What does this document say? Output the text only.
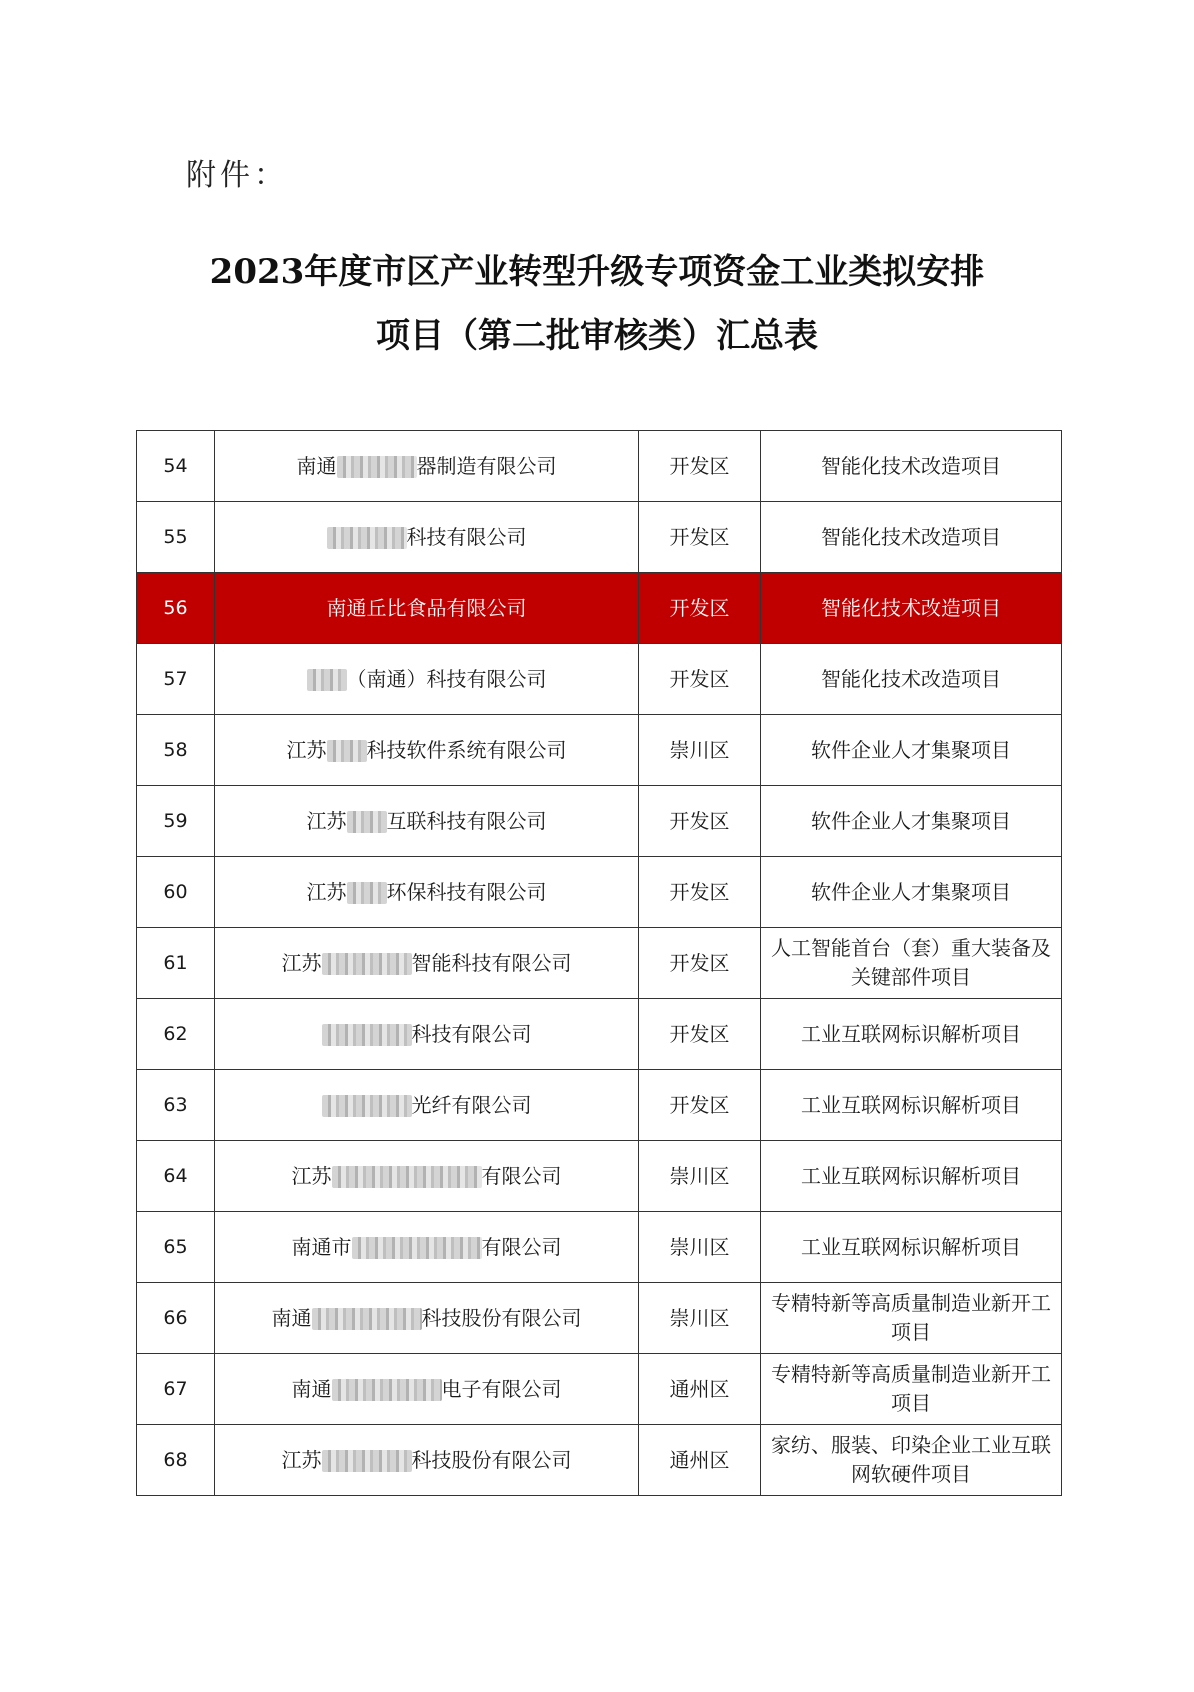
附件：
2023年度市区产业转型升级专项资金工业类拟安排
项目（第二批审核类）汇总表
54	南通 器制造有限公司	开发区	智能化技术改造项目
55	科技有限公司	开发区	智能化技术改造项目
56	南通丘比食品有限公司	开发区	智能化技术改造项目
57	（南通）科技有限公司	开发区	智能化技术改造项目
58	江苏 科技软件系统有限公司	崇川区	软件企业人才集聚项目
59	江苏 互联科技有限公司	开发区	软件企业人才集聚项目
60	江苏 环保科技有限公司	开发区	软件企业人才集聚项目
61	江苏 智能科技有限公司	开发区	人工智能首台（套）重大装备及关键部件项目
62	科技有限公司	开发区	工业互联网标识解析项目
63	光纤有限公司	开发区	工业互联网标识解析项目
64	江苏 有限公司	崇川区	工业互联网标识解析项目
65	南通市 有限公司	崇川区	工业互联网标识解析项目
66	南通 科技股份有限公司	崇川区	专精特新等高质量制造业新开工项目
67	南通 电子有限公司	通州区	专精特新等高质量制造业新开工项目
68	江苏 科技股份有限公司	通州区	家纺、服装、印染企业工业互联网软硬件项目
